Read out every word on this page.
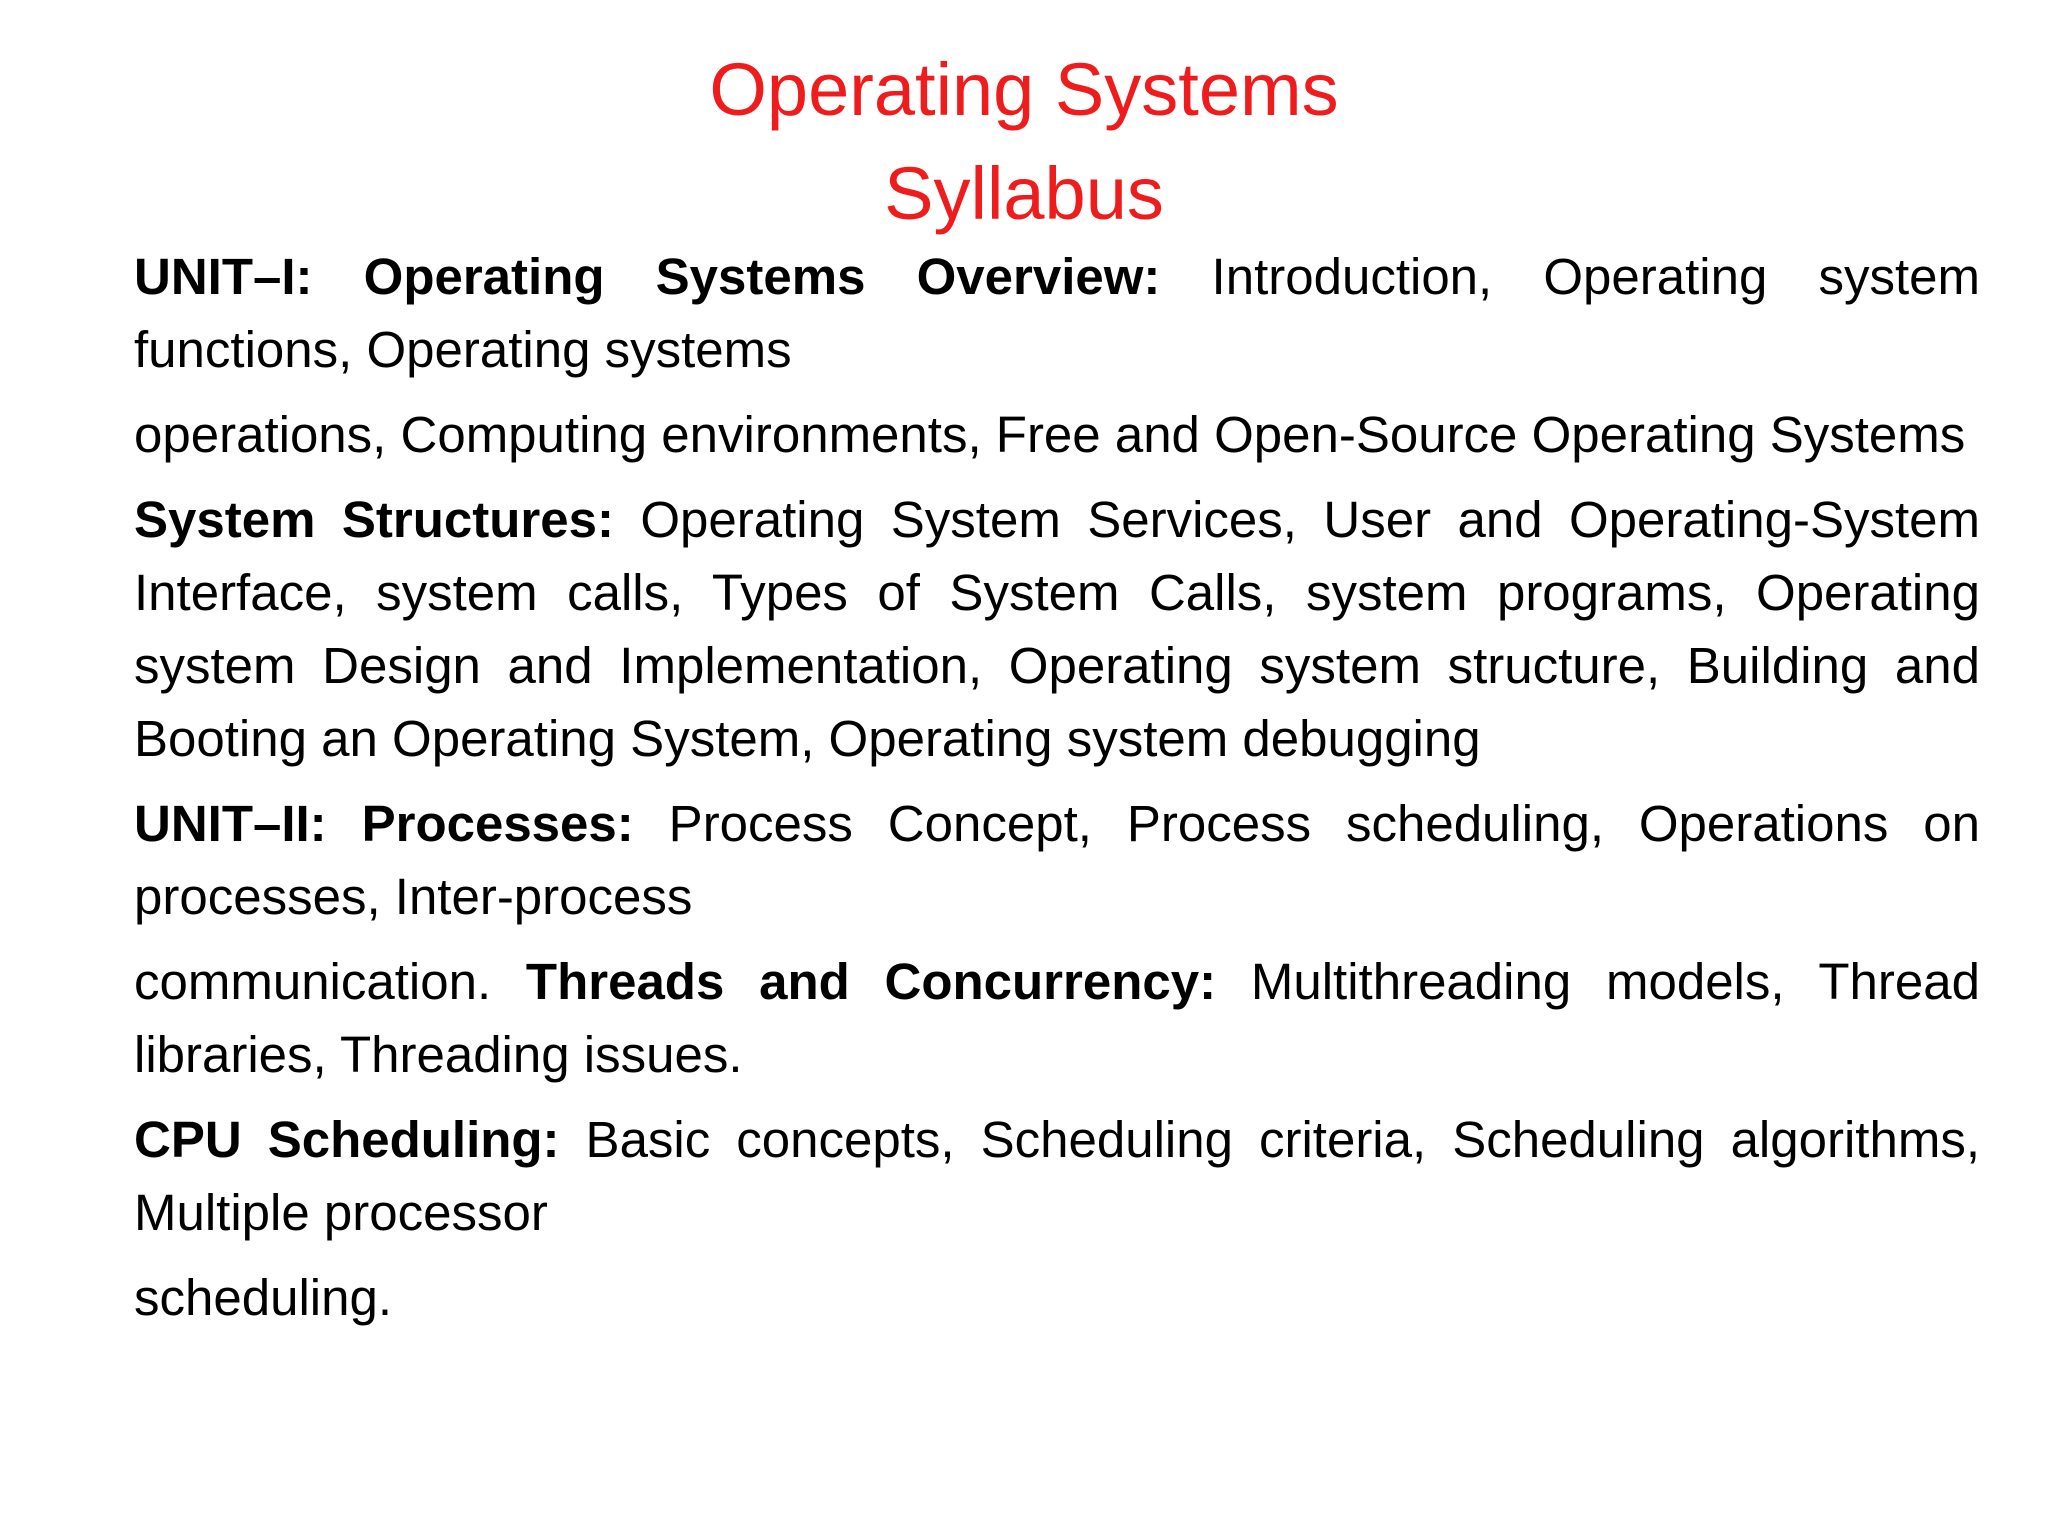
Operating Systems
Syllabus

UNIT–I: Operating Systems Overview: Introduction, Operating system functions, Operating systems

operations, Computing environments, Free and Open-Source Operating Systems

System Structures: Operating System Services, User and Operating-System Interface, system calls, Types of System Calls, system programs, Operating system Design and Implementation, Operating system structure, Building and Booting an Operating System, Operating system debugging

UNIT–II: Processes: Process Concept, Process scheduling, Operations on processes, Inter-process

communication. Threads and Concurrency: Multithreading models, Thread libraries, Threading issues.

CPU Scheduling: Basic concepts, Scheduling criteria, Scheduling algorithms, Multiple processor

scheduling.
